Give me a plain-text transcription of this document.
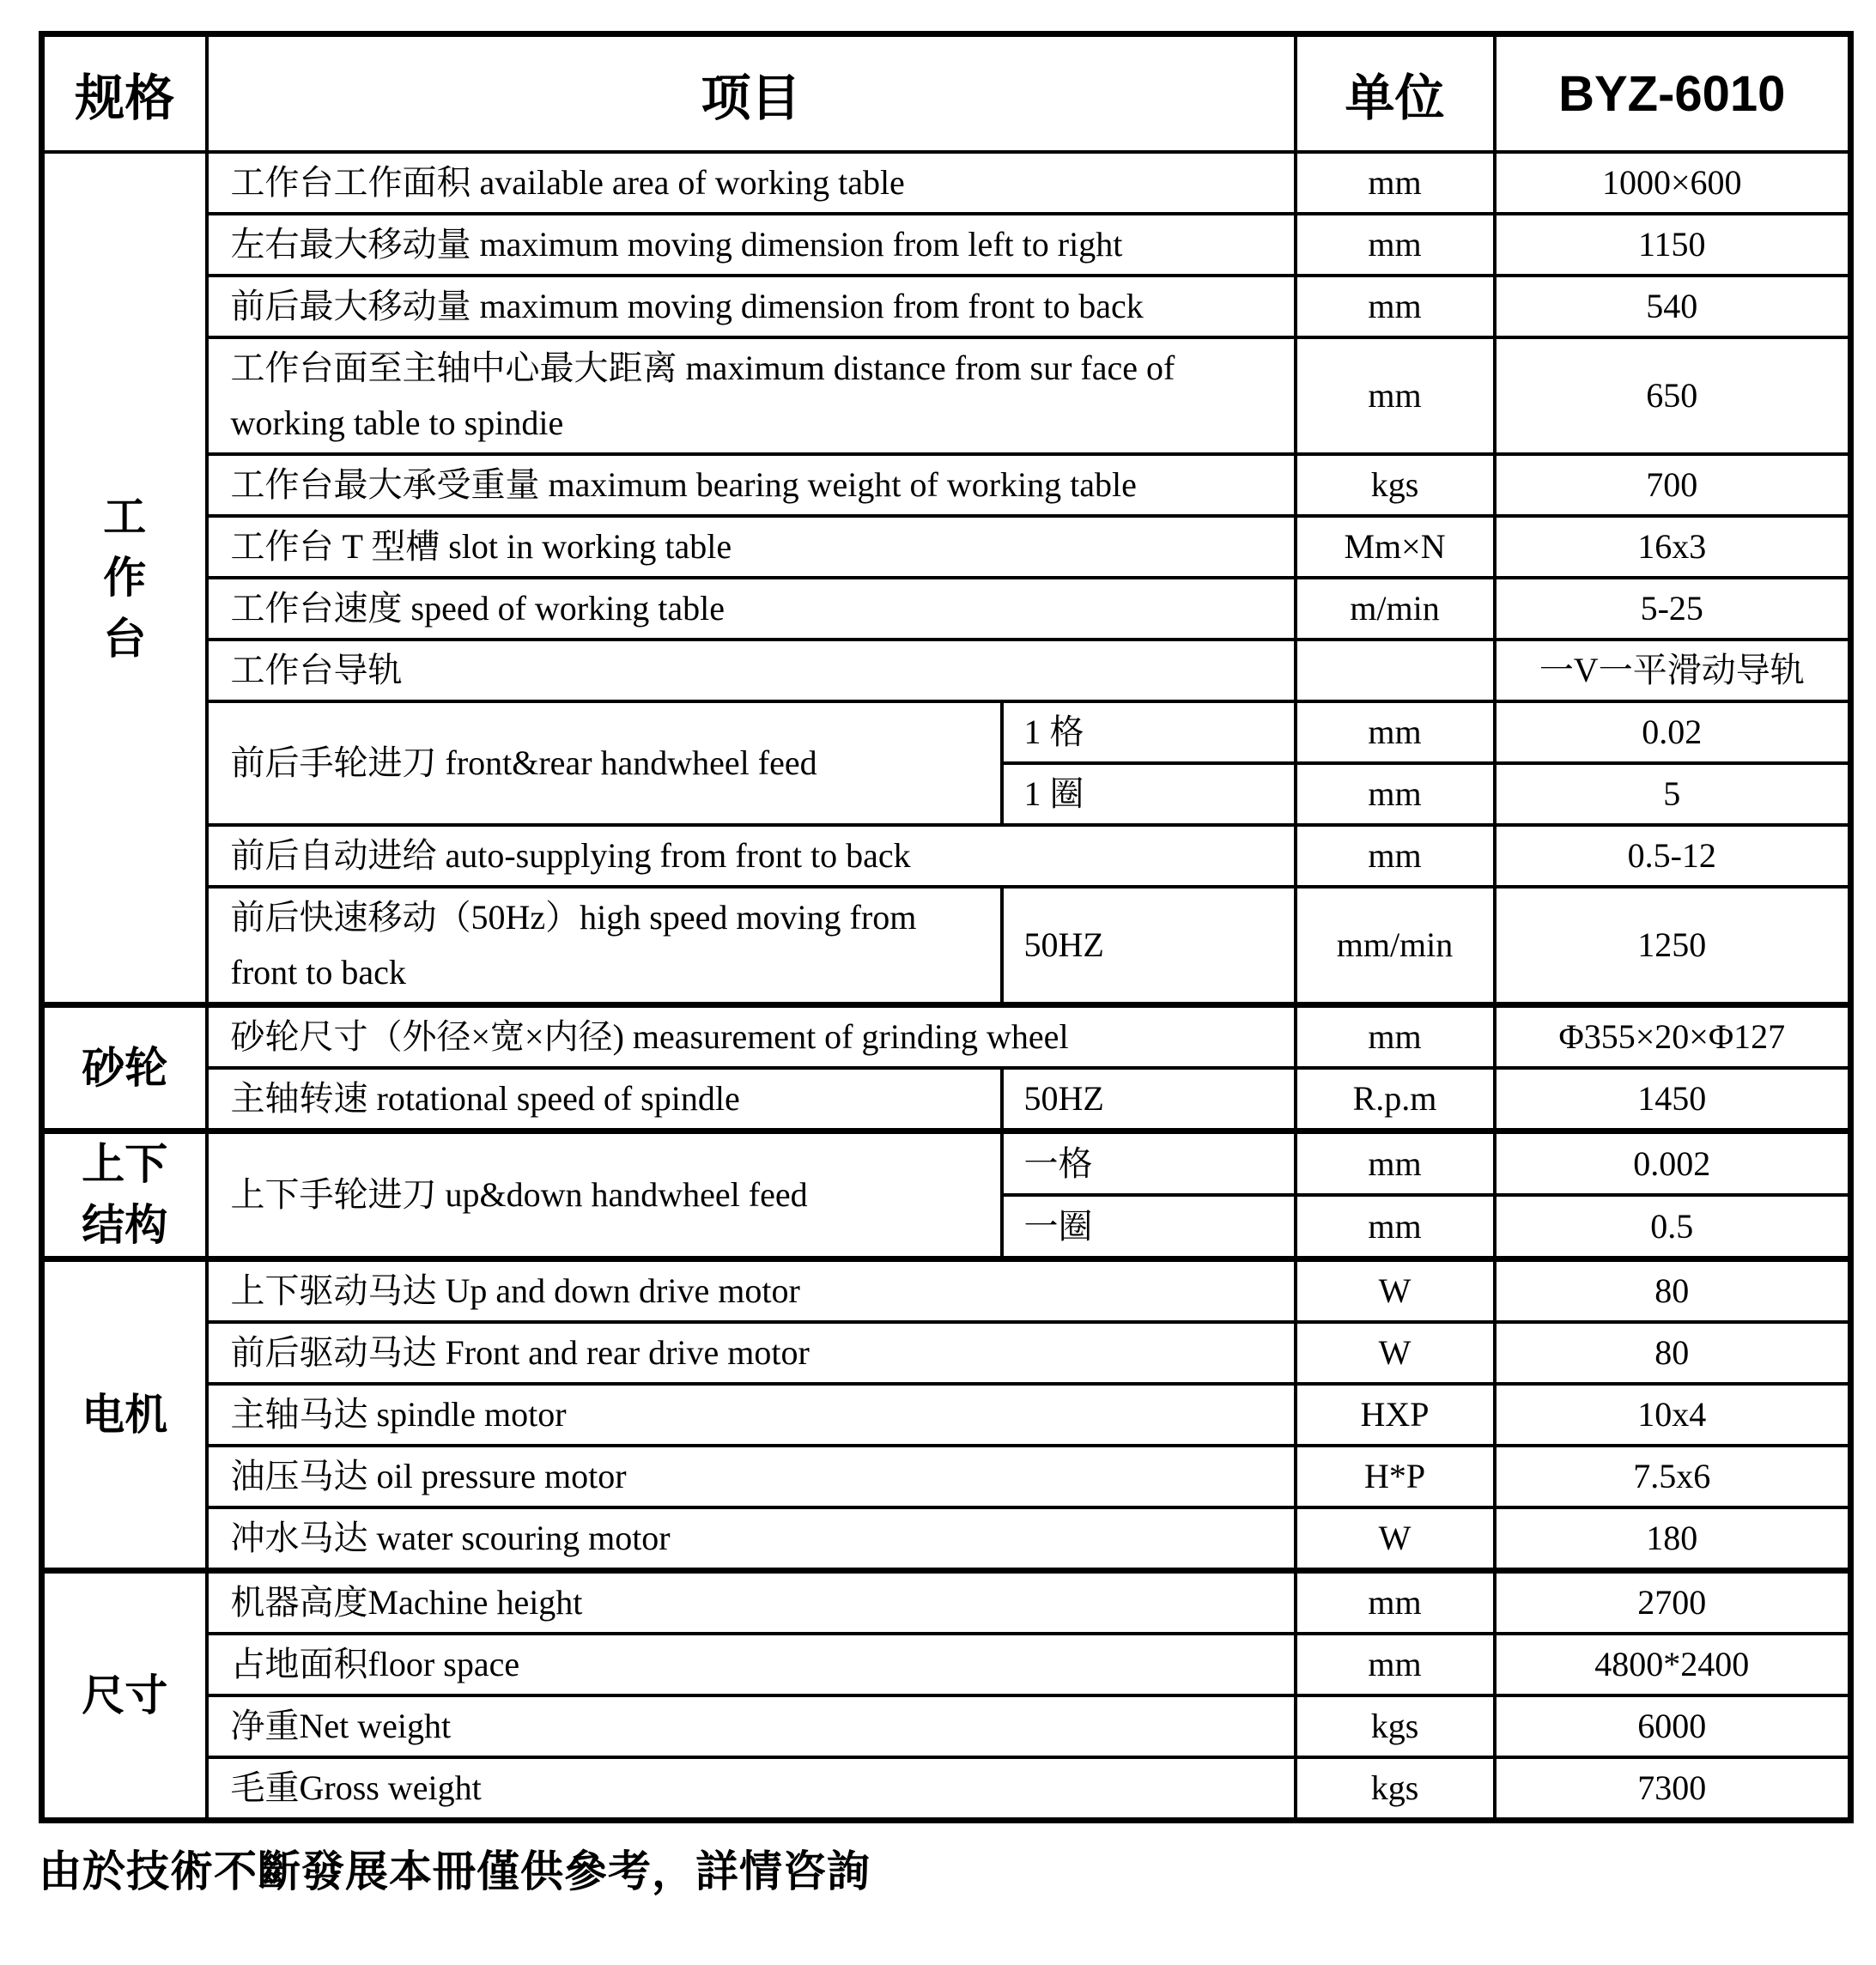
规格	项目		单位	BYZ-6010

工
作
台	工作台工作面积 available area of working table		mm	1000×600
	左右最大移动量 maximum moving dimension from left to right		mm	1150
	前后最大移动量 maximum moving dimension from front to back		mm	540
	工作台面至主轴中心最大距离 maximum distance from sur face of working table to spindie		mm	650
	工作台最大承受重量 maximum bearing weight of working table		kgs	700
	工作台 T 型槽 slot in working table		Mm×N	16x3
	工作台速度 speed of working table		m/min	5-25
	工作台导轨			一V一平滑动导轨
	前后手轮进刀 front&rear handwheel feed	1 格	mm	0.02
		1 圈	mm	5
	前后自动进给 auto-supplying from front to back		mm	0.5-12
	前后快速移动（50Hz）high speed moving from front to back	50HZ	mm/min	1250

砂轮	砂轮尺寸（外径×宽×内径) measurement of grinding wheel		mm	Φ355×20×Φ127
	主轴转速 rotational speed of spindle	50HZ	R.p.m	1450

上下
结构	上下手轮进刀 up&down handwheel feed	一格	mm	0.002
		一圈	mm	0.5

电机	上下驱动马达 Up and down drive motor		W	80
	前后驱动马达 Front and rear drive motor		W	80
	主轴马达 spindle motor		HXP	10x4
	油压马达 oil pressure motor		H*P	7.5x6
	冲水马达 water scouring motor		W	180

尺寸	机器高度Machine height		mm	2700
	占地面积floor space		mm	4800*2400
	净重Net weight		kgs	6000
	毛重Gross weight		kgs	7300
由於技術不斷發展本冊僅供參考，詳情咨詢
